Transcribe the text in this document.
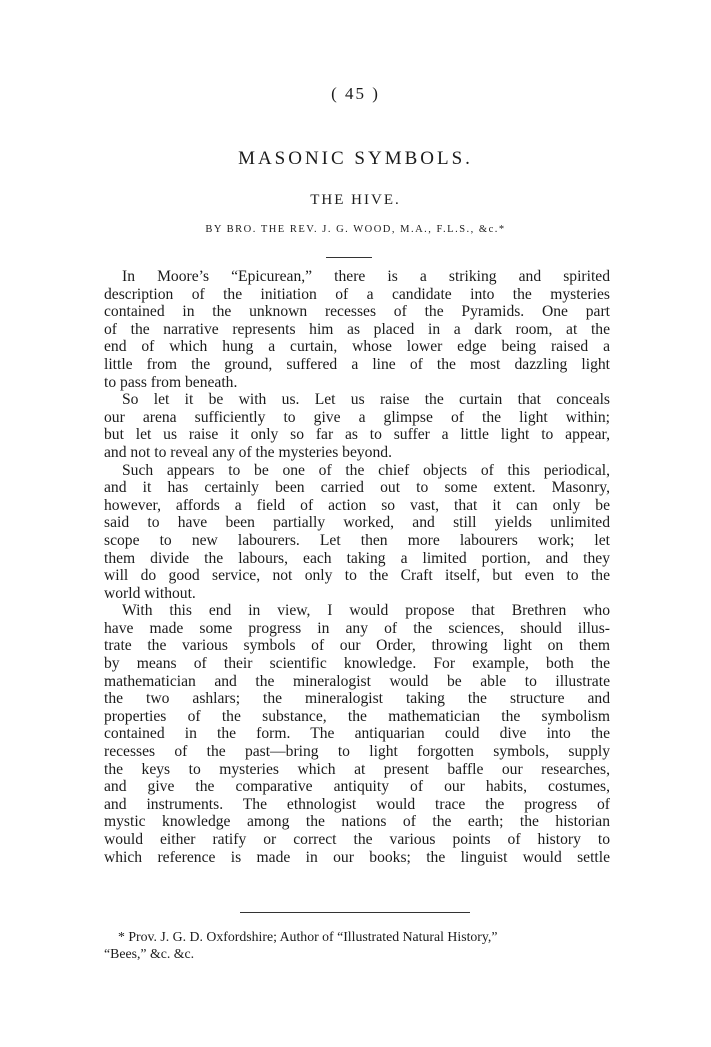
( 45 )
MASONIC SYMBOLS.
THE HIVE.
BY BRO. THE REV. J. G. WOOD, M.A., F.L.S., &c.*
In Moore’s “Epicurean,” there is a striking and spirited
description of the initiation of a candidate into the mysteries
contained in the unknown recesses of the Pyramids. One part
of the narrative represents him as placed in a dark room, at the
end of which hung a curtain, whose lower edge being raised a
little from the ground, suffered a line of the most dazzling light
to pass from beneath.
So let it be with us. Let us raise the curtain that conceals
our arena sufficiently to give a glimpse of the light within;
but let us raise it only so far as to suffer a little light to appear,
and not to reveal any of the mysteries beyond.
Such appears to be one of the chief objects of this periodical,
and it has certainly been carried out to some extent. Masonry,
however, affords a field of action so vast, that it can only be
said to have been partially worked, and still yields unlimited
scope to new labourers. Let then more labourers work; let
them divide the labours, each taking a limited portion, and they
will do good service, not only to the Craft itself, but even to the
world without.
With this end in view, I would propose that Brethren who
have made some progress in any of the sciences, should illus-
trate the various symbols of our Order, throwing light on them
by means of their scientific knowledge. For example, both the
mathematician and the mineralogist would be able to illustrate
the two ashlars; the mineralogist taking the structure and
properties of the substance, the mathematician the symbolism
contained in the form. The antiquarian could dive into the
recesses of the past—bring to light forgotten symbols, supply
the keys to mysteries which at present baffle our researches,
and give the comparative antiquity of our habits, costumes,
and instruments. The ethnologist would trace the progress of
mystic knowledge among the nations of the earth; the historian
would either ratify or correct the various points of history to
which reference is made in our books; the linguist would settle
* Prov. J. G. D. Oxfordshire; Author of “Illustrated Natural History,”
“Bees,” &c. &c.
